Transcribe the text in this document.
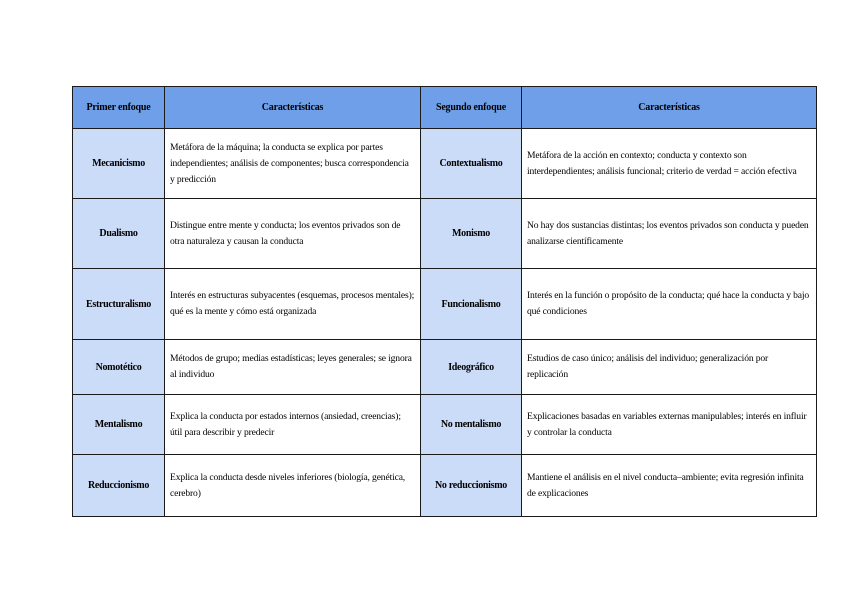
Primer enfoque	Características	Segundo enfoque	Características
Mecanicismo	Metáfora de la máquina; la conducta se explica por partes independientes; análisis de componentes; busca correspondencia y predicción	Contextualismo	Metáfora de la acción en contexto; conducta y contexto son interdependientes; análisis funcional; criterio de verdad = acción efectiva
Dualismo	Distingue entre mente y conducta; los eventos privados son de otra naturaleza y causan la conducta	Monismo	No hay dos sustancias distintas; los eventos privados son conducta y pueden analizarse científicamente
Estructuralismo	Interés en estructuras subyacentes (esquemas, procesos mentales); qué es la mente y cómo está organizada	Funcionalismo	Interés en la función o propósito de la conducta; qué hace la conducta y bajo qué condiciones
Nomotético	Métodos de grupo; medias estadísticas; leyes generales; se ignora al individuo	Ideográfico	Estudios de caso único; análisis del individuo; generalización por replicación
Mentalismo	Explica la conducta por estados internos (ansiedad, creencias); útil para describir y predecir	No mentalismo	Explicaciones basadas en variables externas manipulables; interés en influir y controlar la conducta
Reduccionismo	Explica la conducta desde niveles inferiores (biología, genética, cerebro)	No reduccionismo	Mantiene el análisis en el nivel conducta–ambiente; evita regresión infinita de explicaciones
